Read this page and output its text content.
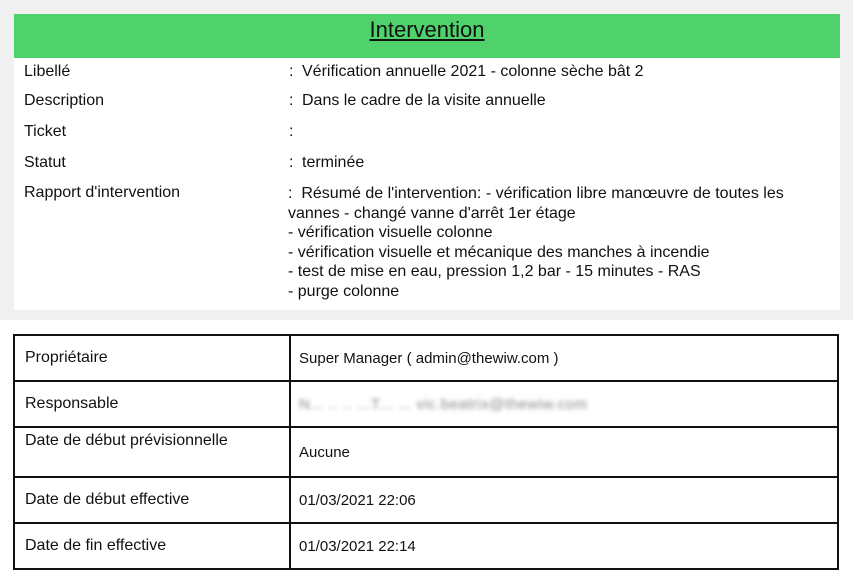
Intervention
Libellé	: Vérification annuelle 2021 - colonne sèche bât 2
Description	: Dans le cadre de la visite annuelle
Ticket	:
Statut	: terminée
Rapport d'intervention	:  Résumé de l'intervention: - vérification libre manœuvre de toutes les
vannes - changé vanne d'arrêt 1er étage
- vérification visuelle colonne
- vérification visuelle et mécanique des manches à incendie
- test de mise en eau, pression 1,2 bar - 15 minutes - RAS
- purge colonne
Propriétaire	Super Manager ( admin@thewiw.com )
Responsable	N... .. .. ...T... ... vic.beatrix@thewiw.com
Date de début prévisionnelle	Aucune
Date de début effective	01/03/2021 22:06
Date de fin effective	01/03/2021 22:14
